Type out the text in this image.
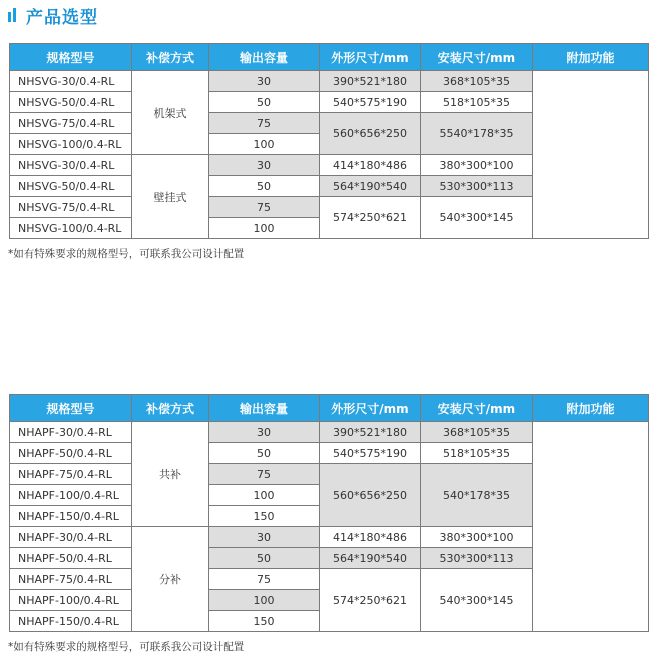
产品选型
规格型号	补偿方式	输出容量	外形尺寸/mm	安装尺寸/mm	附加功能
NHSVG-30/0.4-RL	机架式	30	390*521*180	368*105*35	
NHSVG-50/0.4-RL		50	540*575*190	518*105*35	
NHSVG-75/0.4-RL		75	560*656*250	5540*178*35	
NHSVG-100/0.4-RL		100			
NHSVG-30/0.4-RL	壁挂式	30	414*180*486	380*300*100	
NHSVG-50/0.4-RL		50	564*190*540	530*300*113	
NHSVG-75/0.4-RL		75	574*250*621	540*300*145	
NHSVG-100/0.4-RL		100			
*如有特殊要求的规格型号，可联系我公司设计配置
规格型号	补偿方式	输出容量	外形尺寸/mm	安装尺寸/mm	附加功能
NHAPF-30/0.4-RL	共补	30	390*521*180	368*105*35	
NHAPF-50/0.4-RL		50	540*575*190	518*105*35	
NHAPF-75/0.4-RL		75	560*656*250	540*178*35	
NHAPF-100/0.4-RL		100			
NHAPF-150/0.4-RL		150			
NHAPF-30/0.4-RL	分补	30	414*180*486	380*300*100	
NHAPF-50/0.4-RL		50	564*190*540	530*300*113	
NHAPF-75/0.4-RL		75	574*250*621	540*300*145	
NHAPF-100/0.4-RL		100			
NHAPF-150/0.4-RL		150			
*如有特殊要求的规格型号，可联系我公司设计配置
